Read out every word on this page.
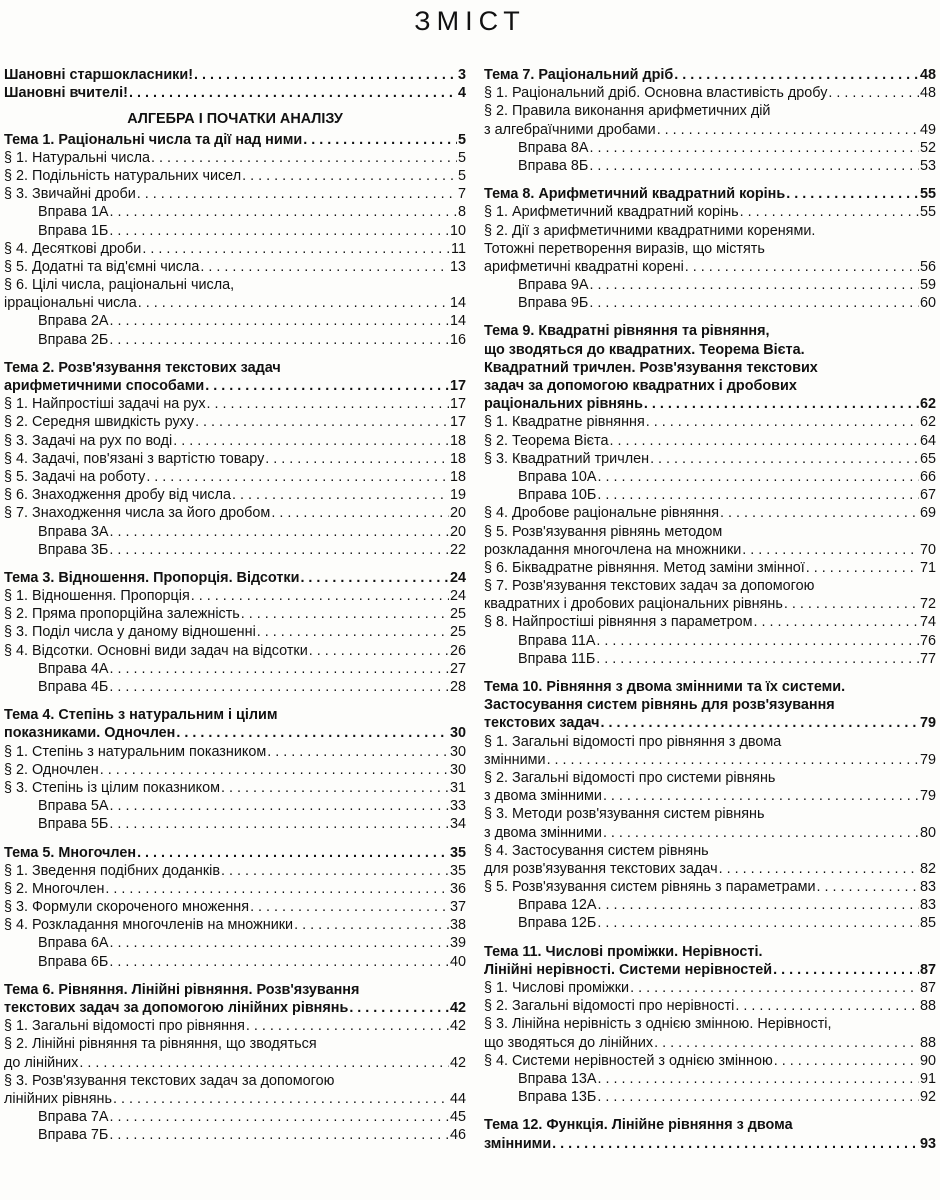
ЗМІСТ
Шановні старшокласники! . . .	3
Шановні вчителі! . . .	4
АЛГЕБРА І ПОЧАТКИ АНАЛІЗУ
Тема 1. Раціональні числа та дії над ними . . .	5
§ 1. Натуральні числа . . .	5
§ 2. Подільність натуральних чисел . . .	5
§ 3. Звичайні дроби . . .	7
Вправа 1А . . .	8
Вправа 1Б . . .	10
§ 4. Десяткові дроби . . .	11
§ 5. Додатні та від'ємні числа . . .	13
§ 6. Цілі числа, раціональні числа,
ірраціональні числа . . .	14
Вправа 2А . . .	14
Вправа 2Б . . .	16
Тема 2. Розв'язування текстових задач
арифметичними способами . . .	17
§ 1. Найпростіші задачі на рух . . .	17
§ 2. Середня швидкість руху . . .	17
§ 3. Задачі на рух по воді . . .	18
§ 4. Задачі, пов'язані з вартістю товару . . .	18
§ 5. Задачі на роботу . . .	18
§ 6. Знаходження дробу від числа . . .	19
§ 7. Знаходження числа за його дробом . . .	20
Вправа 3А . . .	20
Вправа 3Б . . .	22
Тема 3. Відношення. Пропорція. Відсотки . . .	24
§ 1. Відношення. Пропорція . . .	24
§ 2. Пряма пропорційна залежність . . .	25
§ 3. Поділ числа у даному відношенні . . .	25
§ 4. Відсотки. Основні види задач на відсотки . . .	26
Вправа 4А . . .	27
Вправа 4Б . . .	28
Тема 4. Степінь з натуральним і цілим
показниками. Одночлен . . .	30
§ 1. Степінь з натуральним показником . . .	30
§ 2. Одночлен . . .	30
§ 3. Степінь із цілим показником . . .	31
Вправа 5А . . .	33
Вправа 5Б . . .	34
Тема 5. Многочлен . . .	35
§ 1. Зведення подібних доданків . . .	35
§ 2. Многочлен . . .	36
§ 3. Формули скороченого множення . . .	37
§ 4. Розкладання многочленів на множники . . .	38
Вправа 6А . . .	39
Вправа 6Б . . .	40
Тема 6. Рівняння. Лінійні рівняння. Розв'язування
текстових задач за допомогою лінійних рівнянь . . .	42
§ 1. Загальні відомості про рівняння . . .	42
§ 2. Лінійні рівняння та рівняння, що зводяться
до лінійних . . .	42
§ 3. Розв'язування текстових задач за допомогою
лінійних рівнянь . . .	44
Вправа 7А . . .	45
Вправа 7Б . . .	46
Тема 7. Раціональний дріб . . .	48
§ 1. Раціональний дріб. Основна властивість дробу . . .	48
§ 2. Правила виконання арифметичних дій
з алгебраїчними дробами . . .	49
Вправа 8А . . .	52
Вправа 8Б . . .	53
Тема 8. Арифметичний квадратний корінь . . .	55
§ 1. Арифметичний квадратний корінь . . .	55
§ 2. Дії з арифметичними квадратними коренями.
Тотожні перетворення виразів, що містять
арифметичні квадратні корені . . .	56
Вправа 9А . . .	59
Вправа 9Б . . .	60
Тема 9. Квадратні рівняння та рівняння,
що зводяться до квадратних. Теорема Вієта.
Квадратний тричлен. Розв'язування текстових
задач за допомогою квадратних і дробових
раціональних рівнянь . . .	62
§ 1. Квадратне рівняння . . .	62
§ 2. Теорема Вієта . . .	64
§ 3. Квадратний тричлен . . .	65
Вправа 10А . . .	66
Вправа 10Б . . .	67
§ 4. Дробове раціональне рівняння . . .	69
§ 5. Розв'язування рівнянь методом
розкладання многочлена на множники . . .	70
§ 6. Біквадратне рівняння. Метод заміни змінної . . .	71
§ 7. Розв'язування текстових задач за допомогою
квадратних і дробових раціональних рівнянь . . .	72
§ 8. Найпростіші рівняння з параметром . . .	74
Вправа 11А . . .	76
Вправа 11Б . . .	77
Тема 10. Рівняння з двома змінними та їх системи.
Застосування систем рівнянь для розв'язування
текстових задач . . .	79
§ 1. Загальні відомості про рівняння з двома
змінними . . .	79
§ 2. Загальні відомості про системи рівнянь
з двома змінними . . .	79
§ 3. Методи розв'язування систем рівнянь
з двома змінними . . .	80
§ 4. Застосування систем рівнянь
для розв'язування текстових задач . . .	82
§ 5. Розв'язування систем рівнянь з параметрами . . .	83
Вправа 12А . . .	83
Вправа 12Б . . .	85
Тема 11. Числові проміжки. Нерівності.
Лінійні нерівності. Системи нерівностей . . .	87
§ 1. Числові проміжки . . .	87
§ 2. Загальні відомості про нерівності . . .	88
§ 3. Лінійна нерівність з однією змінною. Нерівності,
що зводяться до лінійних . . .	88
§ 4. Системи нерівностей з однією змінною . . .	90
Вправа 13А . . .	91
Вправа 13Б . . .	92
Тема 12. Функція. Лінійне рівняння з двома
змінними . . .	93
